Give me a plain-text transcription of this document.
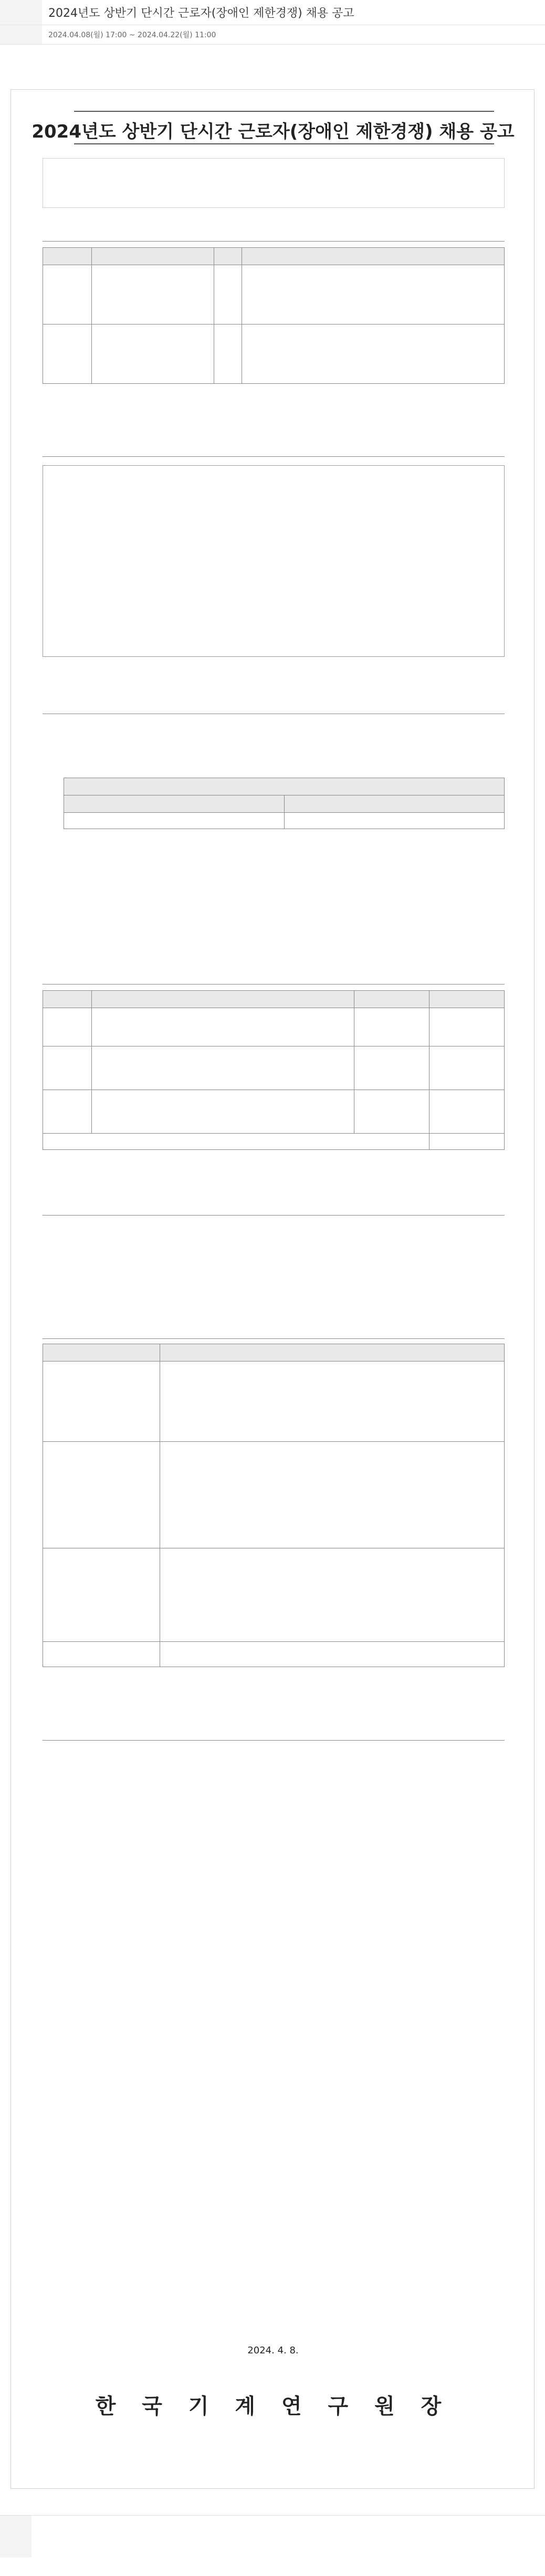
2024년도 상반기 단시간 근로자(장애인 제한경쟁) 채용 공고
2024.04.08(월) 17:00 ~ 2024.04.22(월) 11:00
2024년도 상반기 단시간 근로자(장애인 제한경쟁) 채용 공고

2024. 4. 8.
한 국 기 계 연 구 원 장
